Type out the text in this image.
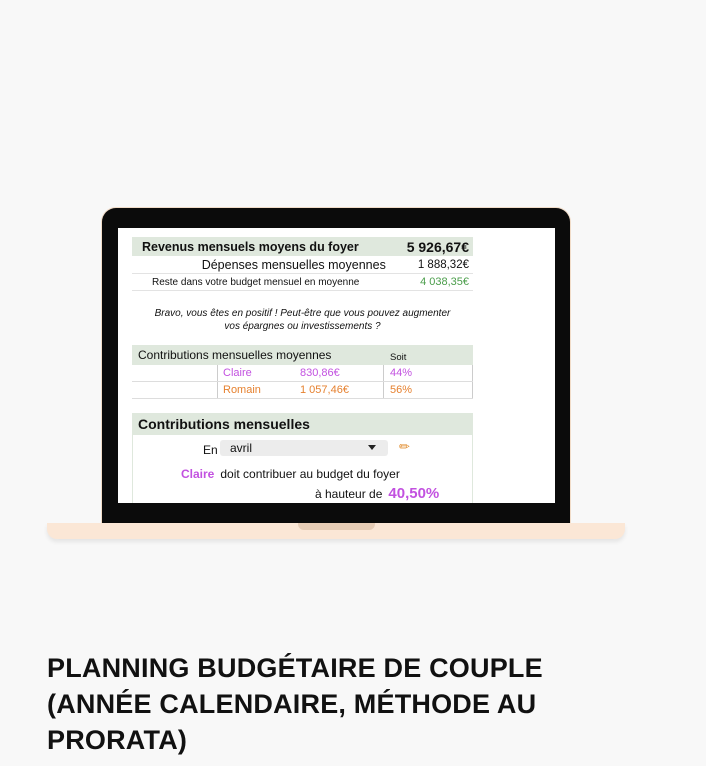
Revenus mensuels moyens du foyer	5 926,67€
Dépenses mensuelles moyennes	1 888,32€
Reste dans votre budget mensuel en moyenne	4 038,35€
Bravo, vous êtes en positif ! Peut-être que vous pouvez augmenter
vos épargnes ou investissements ?
Contributions mensuelles moyennes	Soit
Claire	830,86€	44%
Romain	1 057,46€	56%
Contributions mensuelles
En	avril	✏
Claire doit contribuer au budget du foyer
à hauteur de 40,50%
PLANNING BUDGÉTAIRE DE COUPLE (ANNÉE CALENDAIRE, MÉTHODE AU PRORATA)
